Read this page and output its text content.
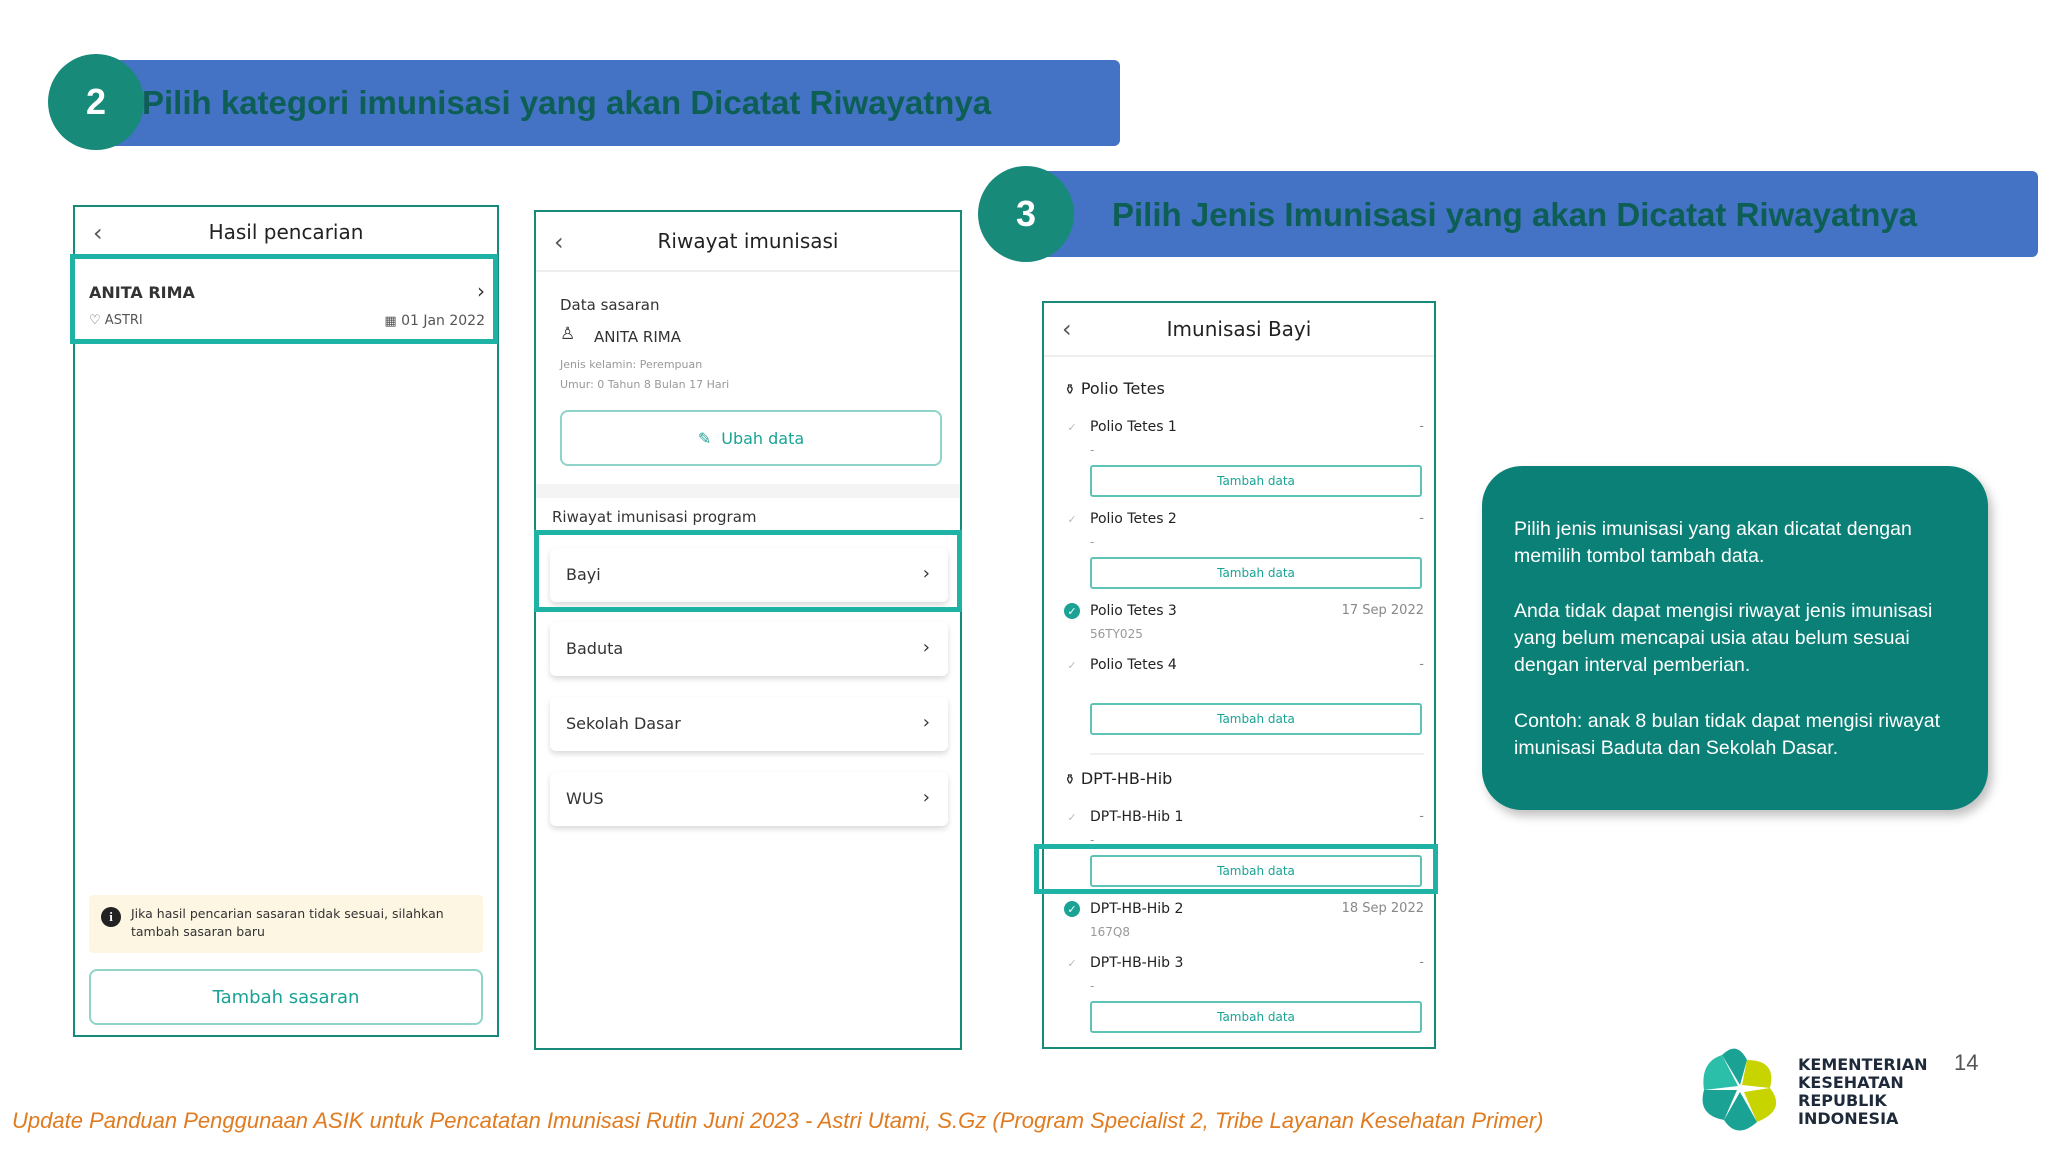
2	Pilih kategori imunisasi yang akan Dicatat Riwayatnya
3	Pilih Jenis Imunisasi yang akan Dicatat Riwayatnya
‹	Hasil pencarian
ANITA RIMA	›
♡ ASTRI	▦ 01 Jan 2022
i	Jika hasil pencarian sasaran tidak sesuai, silahkan tambah sasaran baru
Tambah sasaran
‹	Riwayat imunisasi
Data sasaran
♙ ANITA RIMA
Jenis kelamin: Perempuan
Umur: 0 Tahun 8 Bulan 17 Hari
✎ Ubah data
Riwayat imunisasi program
Bayi	›
Baduta	›
Sekolah Dasar	›
WUS	›
‹	Imunisasi Bayi
⚱ Polio Tetes
✓ Polio Tetes 1	-
-
Tambah data
✓ Polio Tetes 2	-
-
Tambah data
✓ Polio Tetes 3	17 Sep 2022
56TY025
✓ Polio Tetes 4	-
Tambah data
⚱ DPT-HB-Hib
✓ DPT-HB-Hib 1	-
-
Tambah data
✓ DPT-HB-Hib 2	18 Sep 2022
167Q8
✓ DPT-HB-Hib 3	-
-
Tambah data

Pilih jenis imunisasi yang akan dicatat dengan memilih tombol tambah data.

Anda tidak dapat mengisi riwayat jenis imunisasi yang belum mencapai usia atau belum sesuai dengan interval pemberian.

Contoh: anak 8 bulan tidak dapat mengisi riwayat imunisasi Baduta dan Sekolah Dasar.

KEMENTERIAN
KESEHATAN
REPUBLIK
INDONESIA
14
Update Panduan Penggunaan ASIK untuk Pencatatan Imunisasi Rutin Juni 2023 - Astri Utami, S.Gz (Program Specialist 2, Tribe Layanan Kesehatan Primer)
